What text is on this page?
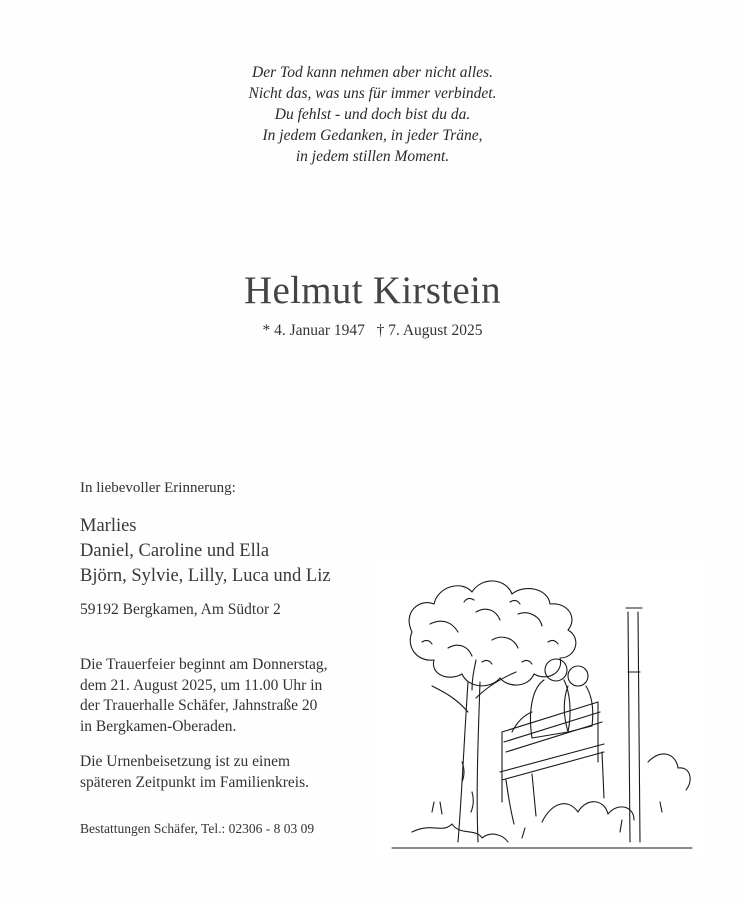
Der Tod kann nehmen aber nicht alles.
Nicht das, was uns für immer verbindet.
Du fehlst - und doch bist du da.
In jedem Gedanken, in jeder Träne,
in jedem stillen Moment.
Helmut Kirstein
* 4. Januar 1947 † 7. August 2025
In liebevoller Erinnerung:
Marlies
Daniel, Caroline und Ella
Björn, Sylvie, Lilly, Luca und Liz
59192 Bergkamen, Am Südtor 2
Die Trauerfeier beginnt am Donnerstag,
dem 21. August 2025, um 11.00 Uhr in
der Trauerhalle Schäfer, Jahnstraße 20
in Bergkamen-Oberaden.
Die Urnenbeisetzung ist zu einem
späteren Zeitpunkt im Familienkreis.
Bestattungen Schäfer, Tel.: 02306 - 8 03 09
